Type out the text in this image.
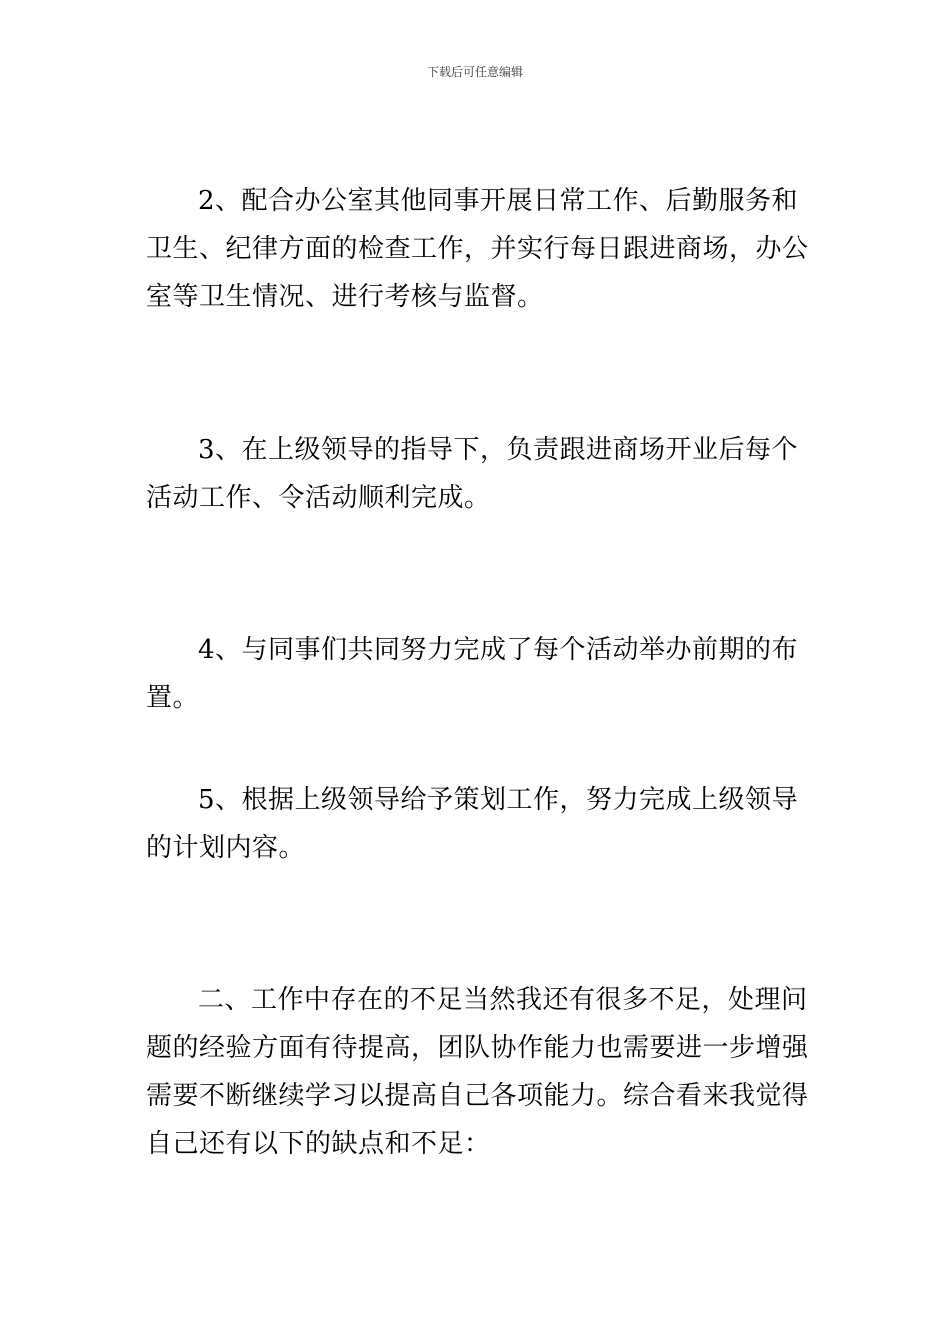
下载后可任意编辑

2、配合办公室其他同事开展日常工作、后勤服务和卫生、纪律方面的检查工作，并实行每日跟进商场，办公室等卫生情况、进行考核与监督。

3、在上级领导的指导下，负责跟进商场开业后每个活动工作、令活动顺利完成。

4、与同事们共同努力完成了每个活动举办前期的布置。

5、根据上级领导给予策划工作，努力完成上级领导的计划内容。

二、工作中存在的不足当然我还有很多不足，处理问题的经验方面有待提高，团队协作能力也需要进一步增强需要不断继续学习以提高自己各项能力。综合看来我觉得自己还有以下的缺点和不足：
